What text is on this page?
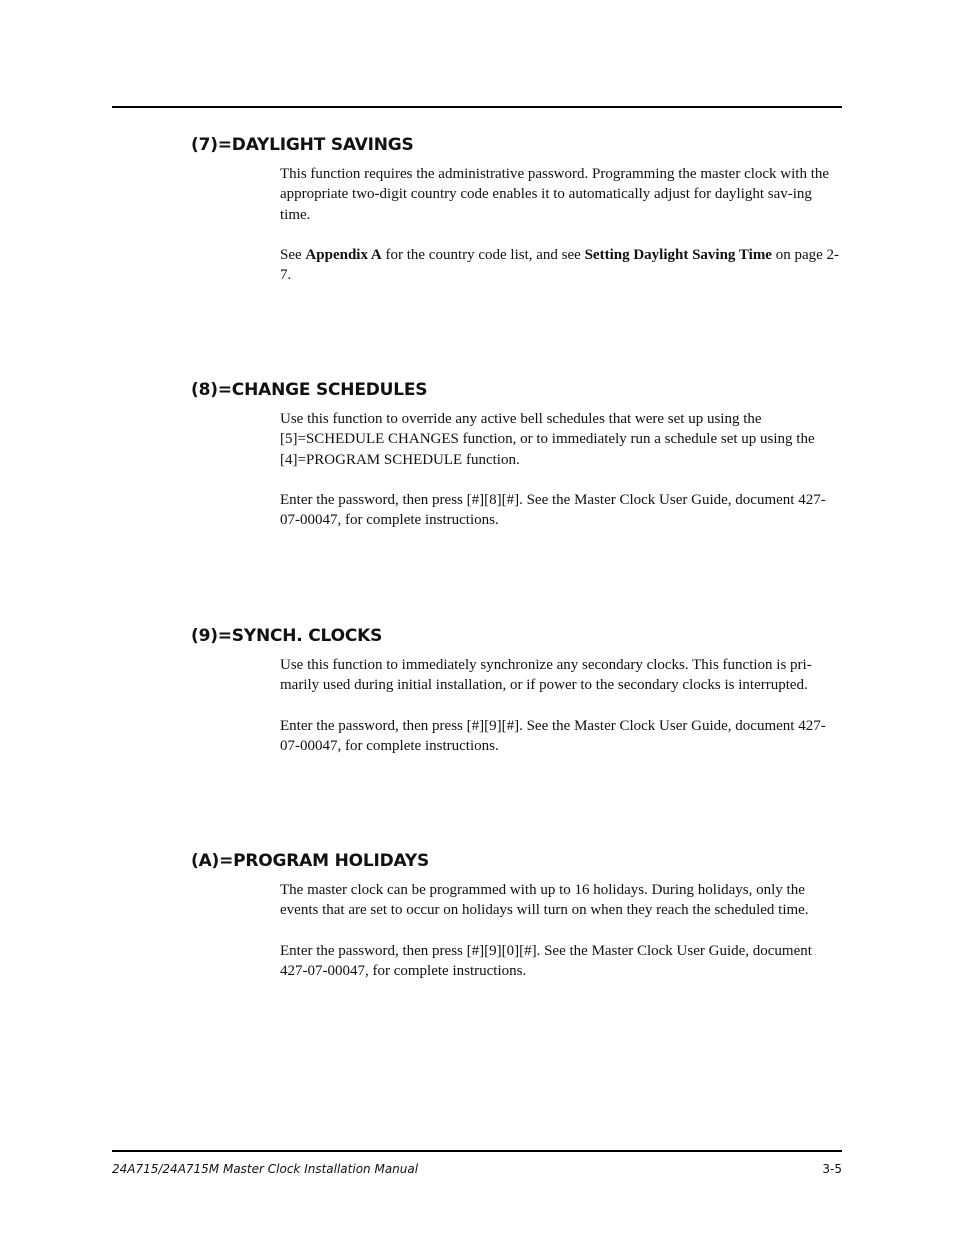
(7)=DAYLIGHT SAVINGS

This function requires the administrative password. Programming the master clock with the appropriate two-digit country code enables it to automatically adjust for daylight sav-ing time.

See Appendix A for the country code list, and see Setting Daylight Saving Time on page 2-7.

(8)=CHANGE SCHEDULES

Use this function to override any active bell schedules that were set up using the [5]=SCHEDULE CHANGES function, or to immediately run a schedule set up using the [4]=PROGRAM SCHEDULE function.

Enter the password, then press [#][8][#]. See the Master Clock User Guide, document 427-07-00047, for complete instructions.

(9)=SYNCH. CLOCKS

Use this function to immediately synchronize any secondary clocks. This function is pri-marily used during initial installation, or if power to the secondary clocks is interrupted.

Enter the password, then press [#][9][#]. See the Master Clock User Guide, document 427-07-00047, for complete instructions.

(A)=PROGRAM HOLIDAYS

The master clock can be programmed with up to 16 holidays. During holidays, only the events that are set to occur on holidays will turn on when they reach the scheduled time.

Enter the password, then press [#][9][0][#]. See the Master Clock User Guide, document 427-07-00047, for complete instructions.

24A715/24A715M Master Clock Installation Manual	3-5
